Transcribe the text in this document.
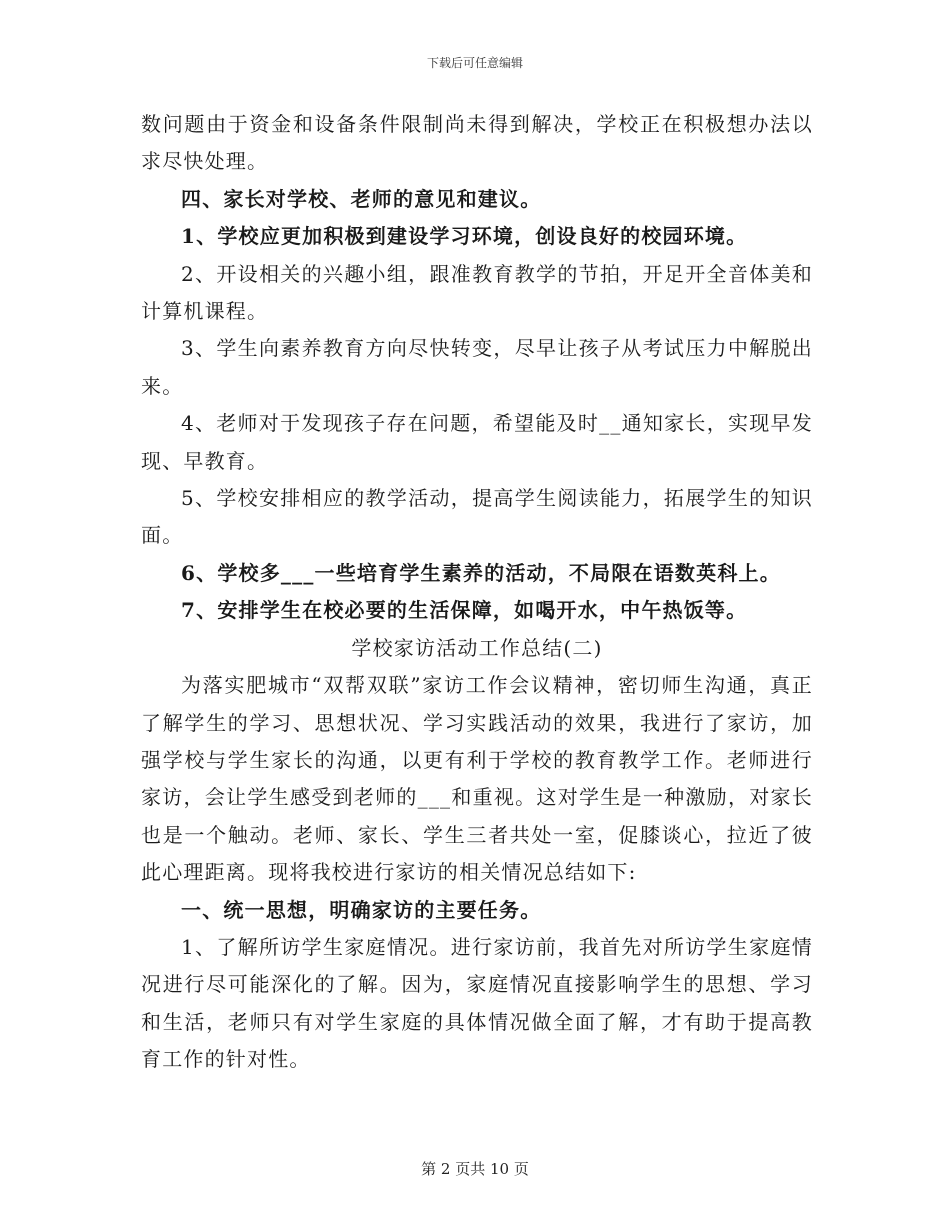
下载后可任意编辑

数问题由于资金和设备条件限制尚未得到解决，学校正在积极想办法以求尽快处理。

四、家长对学校、老师的意见和建议。

1、学校应更加积极到建设学习环境，创设良好的校园环境。

2、开设相关的兴趣小组，跟准教育教学的节拍，开足开全音体美和计算机课程。

3、学生向素养教育方向尽快转变，尽早让孩子从考试压力中解脱出来。

4、老师对于发现孩子存在问题，希望能及时__通知家长，实现早发现、早教育。

5、学校安排相应的教学活动，提高学生阅读能力，拓展学生的知识面。

6、学校多___一些培育学生素养的活动，不局限在语数英科上。

7、安排学生在校必要的生活保障，如喝开水，中午热饭等。

学校家访活动工作总结(二)

为落实肥城市“双帮双联”家访工作会议精神，密切师生沟通，真正了解学生的学习、思想状况、学习实践活动的效果，我进行了家访，加强学校与学生家长的沟通，以更有利于学校的教育教学工作。老师进行家访，会让学生感受到老师的___和重视。这对学生是一种激励，对家长也是一个触动。老师、家长、学生三者共处一室，促膝谈心，拉近了彼此心理距离。现将我校进行家访的相关情况总结如下:

一、统一思想，明确家访的主要任务。

1、了解所访学生家庭情况。进行家访前，我首先对所访学生家庭情况进行尽可能深化的了解。因为，家庭情况直接影响学生的思想、学习和生活，老师只有对学生家庭的具体情况做全面了解，才有助于提高教育工作的针对性。

第 2 页共 10 页
